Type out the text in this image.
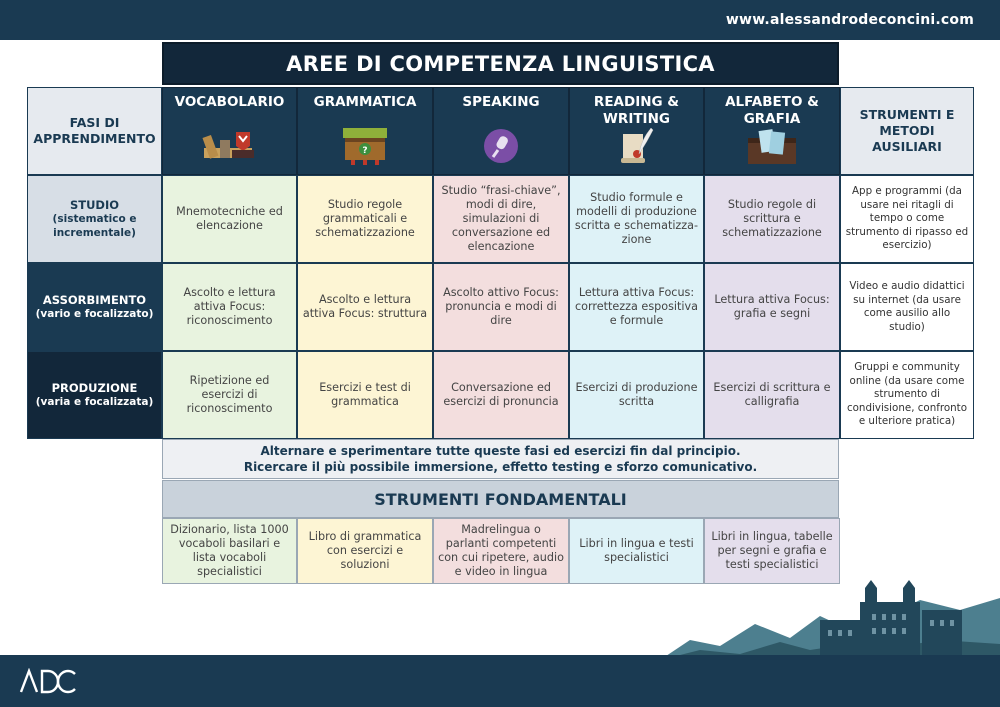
www.alessandrodeconcini.com
AREE DI COMPETENZA LINGUISTICA
FASI DI APPRENDIMENTO
STRUMENTI E METODI AUSILIARI
VOCABOLARIO	GRAMMATICA

?
SPEAKING	READING &
WRITING
ALFABETO &
GRAFIA
STUDIO
(sistematico e
incrementale)
ASSORBIMENTO
(vario e focalizzato)
PRODUZIONE
(varia e focalizzata)
Mnemotecniche ed elencazione
Studio regole grammaticali e schematizzazione
Studio “frasi-chiave”, modi di dire, simulazioni di conversazione ed elencazione
Studio formule e modelli di produzione scritta e schematizza-zione
Studio regole di scrittura e schematizzazione
Ascolto e lettura attiva Focus: riconoscimento
Ascolto e lettura attiva Focus: struttura
Ascolto attivo Focus: pronuncia e modi di dire
Lettura attiva Focus: correttezza espositiva e formule
Lettura attiva Focus: grafia e segni
Ripetizione ed esercizi di riconoscimento
Esercizi e test di grammatica
Conversazione ed esercizi di pronuncia
Esercizi di produzione scritta
Esercizi di scrittura e calligrafia
App e programmi (da usare nei ritagli di tempo o come strumento di ripasso ed esercizio)
Video e audio didattici su internet (da usare come ausilio allo studio)
Gruppi e community online (da usare come strumento di condivisione, confronto e ulteriore pratica)
Alternare e sperimentare tutte queste fasi ed esercizi fin dal principio.
Ricercare il più possibile immersione, effetto testing e sforzo comunicativo.
STRUMENTI FONDAMENTALI
Dizionario, lista 1000 vocaboli basilari e lista vocaboli specialistici
Libro di grammatica con esercizi e soluzioni
Madrelingua o parlanti competenti con cui ripetere, audio e video in lingua
Libri in lingua e testi specialistici
Libri in lingua, tabelle per segni e grafia e testi specialistici
